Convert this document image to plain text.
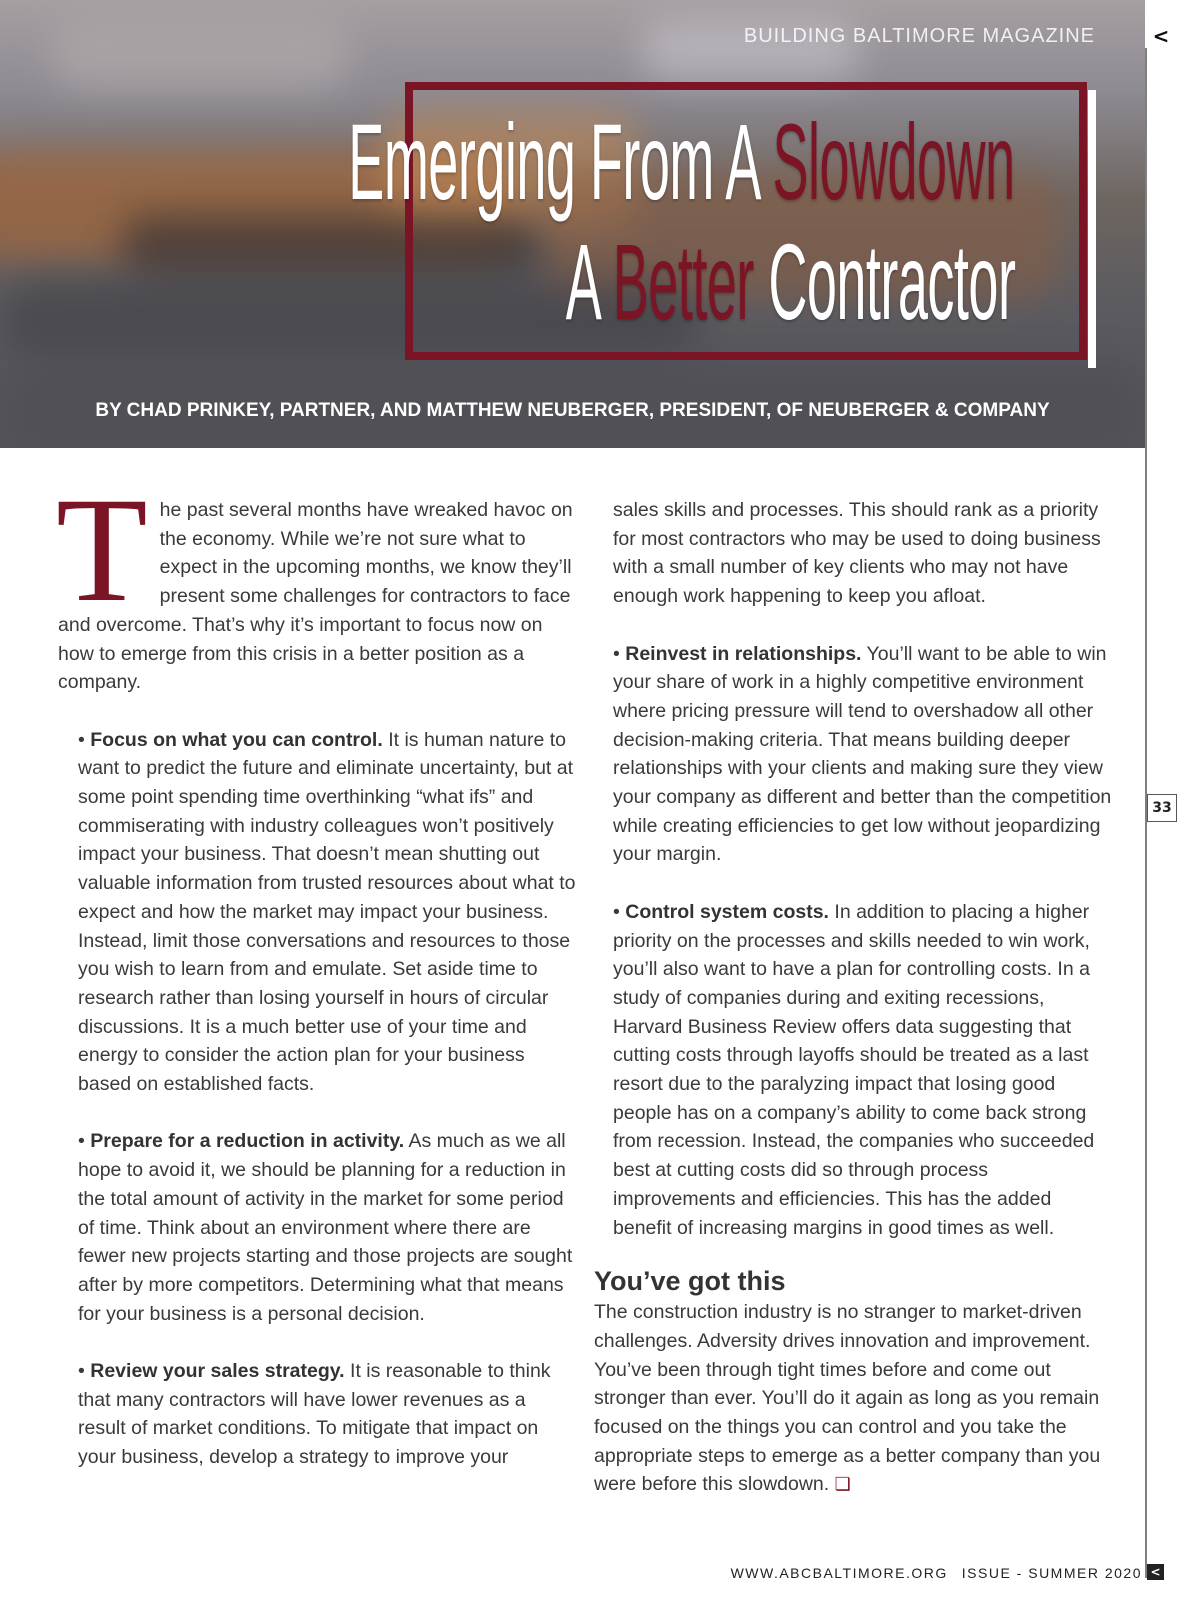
Emerging From A Slowdown
A Better Contractor
BUILDING BALTIMORE MAGAZINE
BY CHAD PRINKEY, PARTNER, AND MATTHEW NEUBERGER, PRESIDENT, OF NEUBERGER & COMPANY
<
33
<

The past several months have wreaked havoc on the economy. While we’re not sure what to expect in the upcoming months, we know they’ll present some challenges for contractors to face and overcome. That’s why it’s important to focus now on how to emerge from this crisis in a better position as a company.

• Focus on what you can control. It is human nature to want to predict the future and eliminate uncertainty, but at some point spending time overthinking “what ifs” and commiserating with industry colleagues won’t positively impact your business. That doesn’t mean shutting out valuable information from trusted resources about what to expect and how the market may impact your business. Instead, limit those conversations and resources to those you wish to learn from and emulate. Set aside time to research rather than losing yourself in hours of circular discussions. It is a much better use of your time and energy to consider the action plan for your business based on established facts.

• Prepare for a reduction in activity. As much as we all hope to avoid it, we should be planning for a reduction in the total amount of activity in the market for some period of time. Think about an environment where there are fewer new projects starting and those projects are sought after by more competitors. Determining what that means for your business is a personal decision.

• Review your sales strategy. It is reasonable to think that many contractors will have lower revenues as a result of market conditions. To mitigate that impact on your business, develop a strategy to improve your

sales skills and processes. This should rank as a priority for most contractors who may be used to doing business with a small number of key clients who may not have enough work happening to keep you afloat.

• Reinvest in relationships. You’ll want to be able to win your share of work in a highly competitive environment where pricing pressure will tend to overshadow all other decision-making criteria. That means building deeper relationships with your clients and making sure they view your company as different and better than the competition while creating efficiencies to get low without jeopardizing your margin.

• Control system costs. In addition to placing a higher priority on the processes and skills needed to win work, you’ll also want to have a plan for controlling costs. In a study of companies during and exiting recessions, Harvard Business Review offers data suggesting that cutting costs through layoffs should be treated as a last resort due to the paralyzing impact that losing good people has on a company’s ability to come back strong from recession. Instead, the companies who succeeded best at cutting costs did so through process improvements and efficiencies. This has the added benefit of increasing margins in good times as well.

You’ve got this

The construction industry is no stranger to market-driven challenges. Adversity drives innovation and improvement. You’ve been through tight times before and come out stronger than ever. You’ll do it again as long as you remain focused on the things you can control and you take the appropriate steps to emerge as a better company than you were before this slowdown. ❏

WWW.ABCBALTIMORE.ORG ISSUE - SUMMER 2020
